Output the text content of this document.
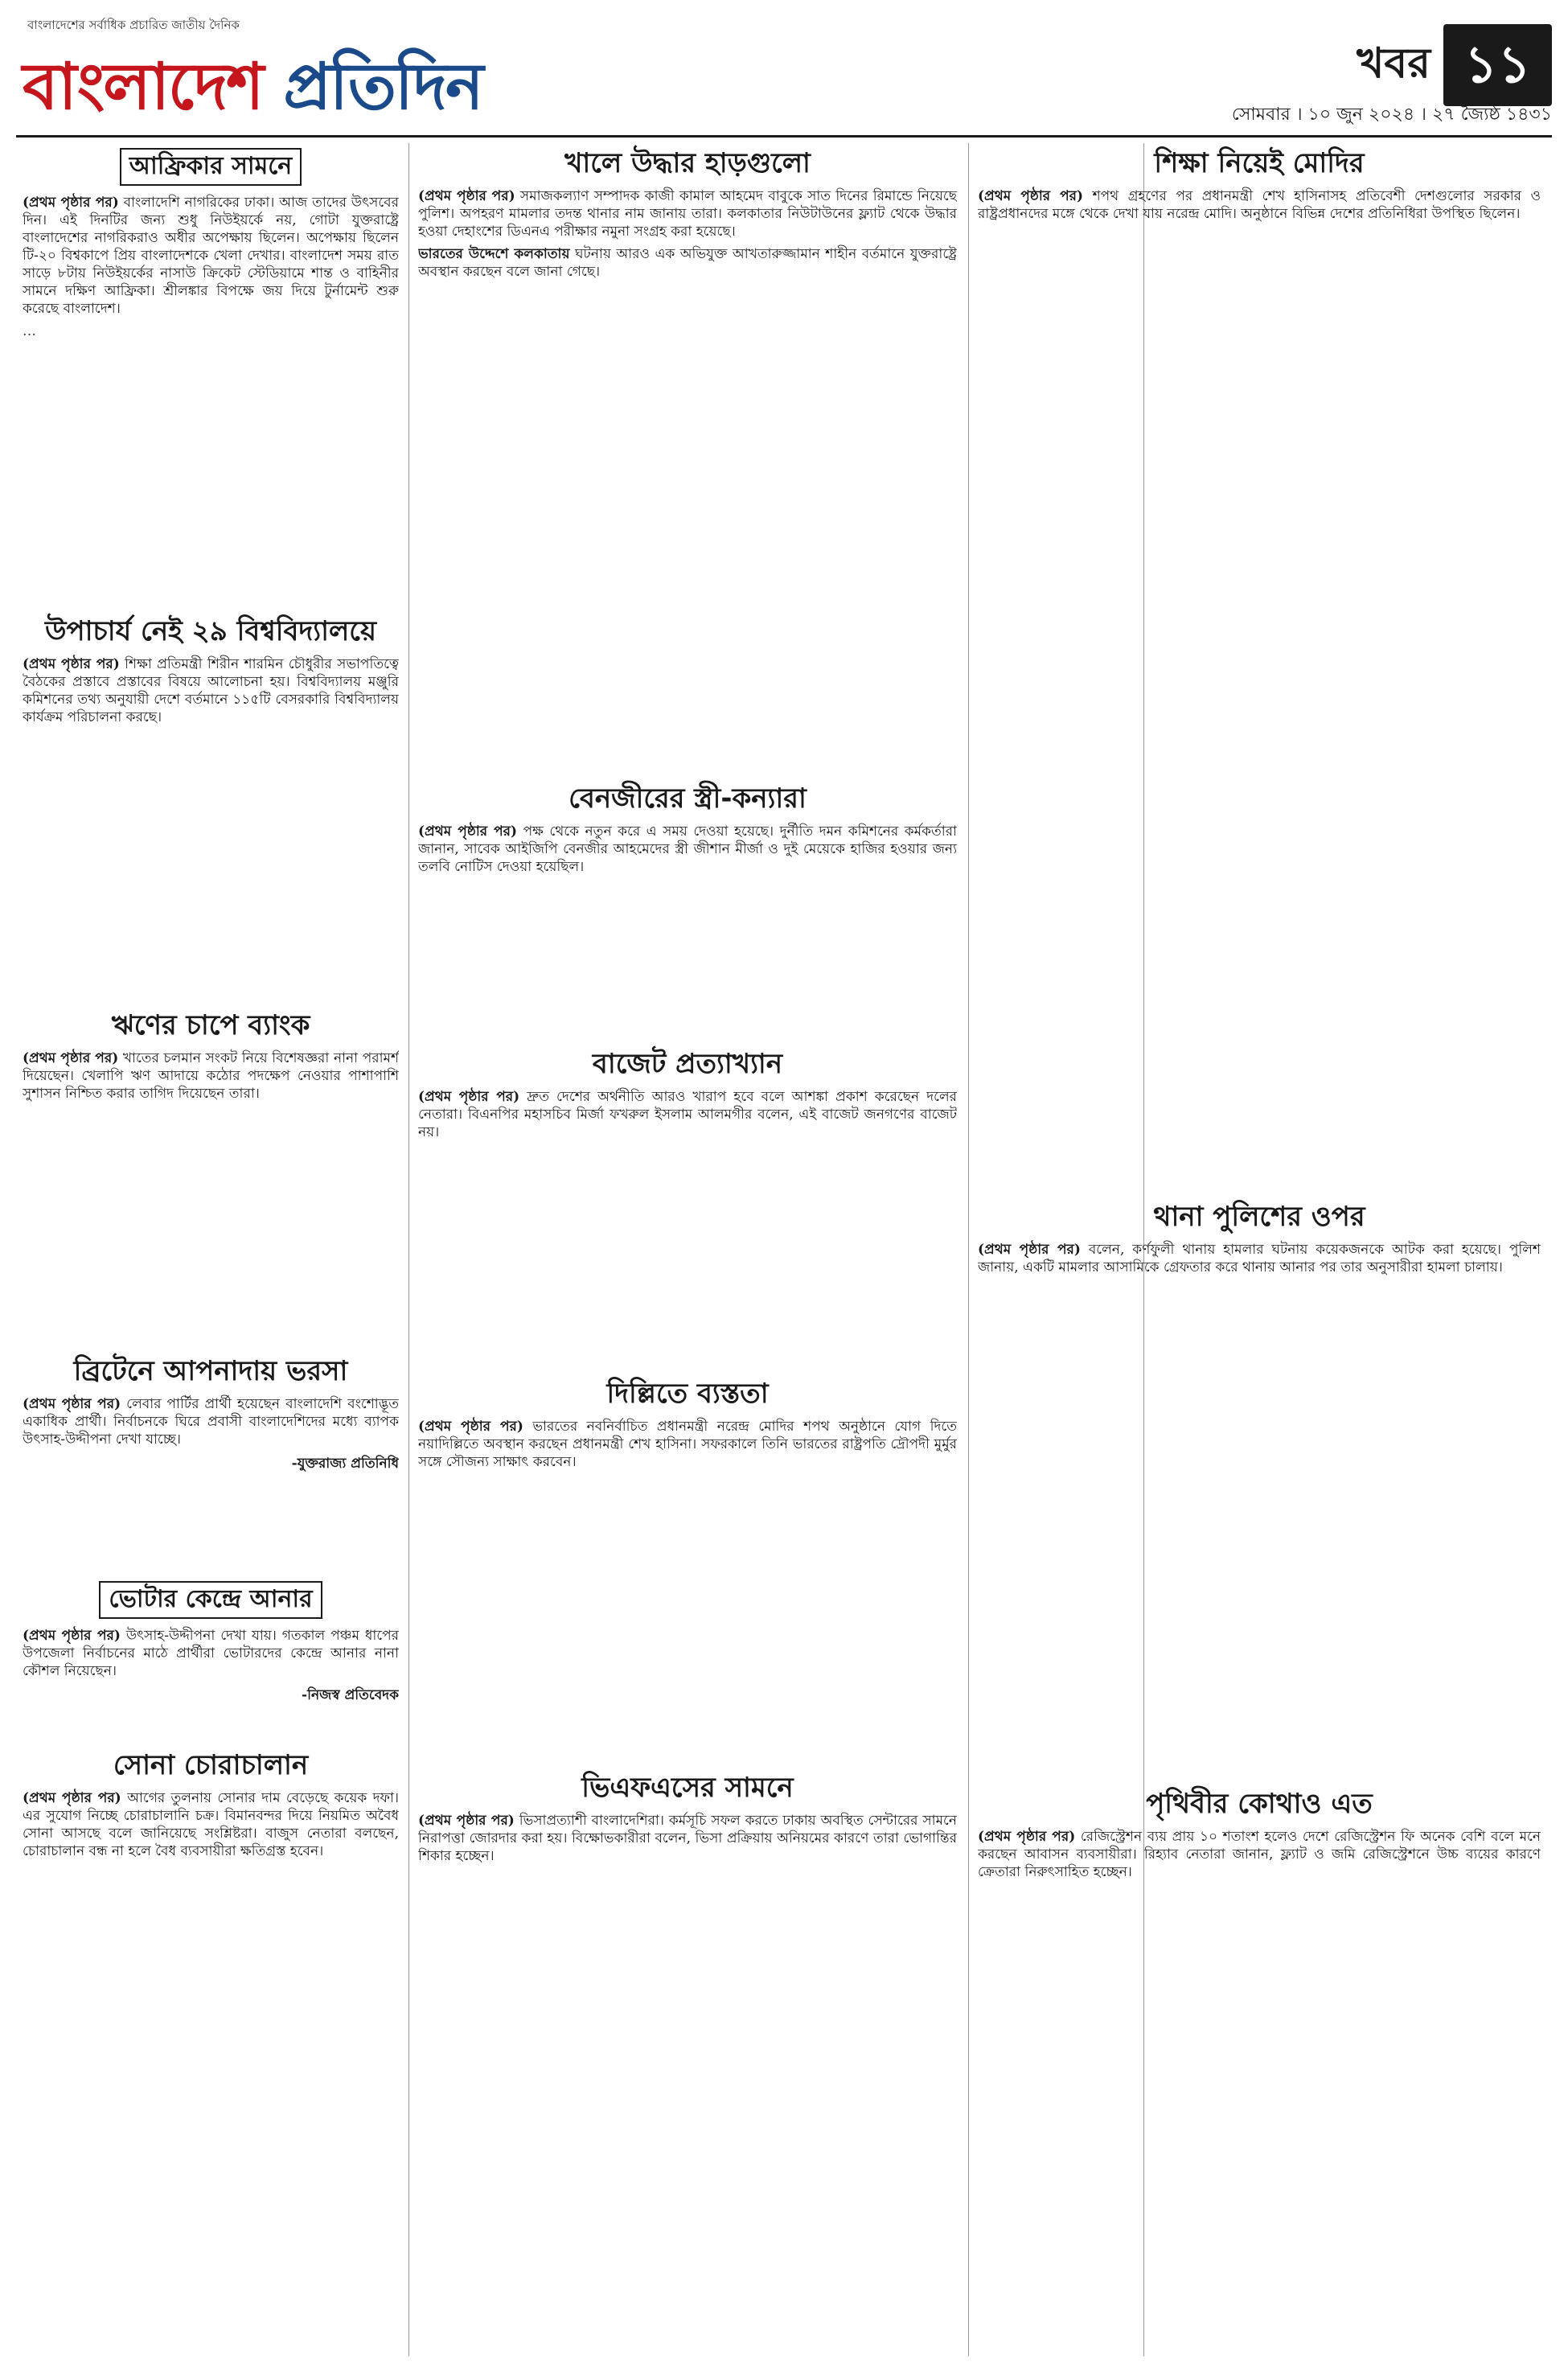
বাংলাদেশের সর্বাধিক প্রচারিত জাতীয় দৈনিক
বাংলাদেশ প্রতিদিন	খবর ১১
সোমবার । ১০ জুন ২০২৪ । ২৭ জ্যৈষ্ঠ ১৪৩১
আফ্রিকার সামনে

(প্রথম পৃষ্ঠার পর) বাংলাদেশি নাগরিকের ঢাকা। আজ তাদের উৎসবের দিন। এই দিনটির জন্য শুধু নিউইয়র্কে নয়, গোটা যুক্তরাষ্ট্রে বাংলাদেশের নাগরিকরাও অধীর অপেক্ষায় ছিলেন। অপেক্ষায় ছিলেন টি-২০ বিশ্বকাপে প্রিয় বাংলাদেশকে খেলা দেখার। বাংলাদেশ সময় রাত সাড়ে ৮টায় নিউইয়র্কের নাসাউ ক্রিকেট স্টেডিয়ামে শান্ত ও বাহিনীর সামনে দক্ষিণ আফ্রিকা। শ্রীলঙ্কার বিপক্ষে জয় দিয়ে টুর্নামেন্ট শুরু করেছে বাংলাদেশ।

…

উপাচার্য নেই ২৯ বিশ্ববিদ্যালয়ে

(প্রথম পৃষ্ঠার পর) শিক্ষা প্রতিমন্ত্রী শিরীন শারমিন চৌধুরীর সভাপতিত্বে বৈঠকের প্রস্তাবে প্রস্তাবের বিষয়ে আলোচনা হয়। বিশ্ববিদ্যালয় মঞ্জুরি কমিশনের তথ্য অনুযায়ী দেশে বর্তমানে ১১৫টি বেসরকারি বিশ্ববিদ্যালয় কার্যক্রম পরিচালনা করছে।

ঋণের চাপে ব্যাংক

(প্রথম পৃষ্ঠার পর) খাতের চলমান সংকট নিয়ে বিশেষজ্ঞরা নানা পরামর্শ দিয়েছেন। খেলাপি ঋণ আদায়ে কঠোর পদক্ষেপ নেওয়ার পাশাপাশি সুশাসন নিশ্চিত করার তাগিদ দিয়েছেন তারা।

ব্রিটেনে আপনাদায় ভরসা

(প্রথম পৃষ্ঠার পর) লেবার পার্টির প্রার্থী হয়েছেন বাংলাদেশি বংশোদ্ভূত একাধিক প্রার্থী। নির্বাচনকে ঘিরে প্রবাসী বাংলাদেশিদের মধ্যে ব্যাপক উৎসাহ-উদ্দীপনা দেখা যাচ্ছে।

-যুক্তরাজ্য প্রতিনিধি
ভোটার কেন্দ্রে আনার

(প্রথম পৃষ্ঠার পর) উৎসাহ-উদ্দীপনা দেখা যায়। গতকাল পঞ্চম ধাপের উপজেলা নির্বাচনের মাঠে প্রার্থীরা ভোটারদের কেন্দ্রে আনার নানা কৌশল নিয়েছেন।

-নিজস্ব প্রতিবেদক
সোনা চোরাচালান

(প্রথম পৃষ্ঠার পর) আগের তুলনায় সোনার দাম বেড়েছে কয়েক দফা। এর সুযোগ নিচ্ছে চোরাচালানি চক্র। বিমানবন্দর দিয়ে নিয়মিত অবৈধ সোনা আসছে বলে জানিয়েছে সংশ্লিষ্টরা। বাজুস নেতারা বলছেন, চোরাচালান বন্ধ না হলে বৈধ ব্যবসায়ীরা ক্ষতিগ্রস্ত হবেন।

খালে উদ্ধার হাড়গুলো

(প্রথম পৃষ্ঠার পর) সমাজকল্যাণ সম্পাদক কাজী কামাল আহমেদ বাবুকে সাত দিনের রিমান্ডে নিয়েছে পুলিশ। অপহরণ মামলার তদন্ত থানার নাম জানায় তারা। কলকাতার নিউটাউনের ফ্ল্যাট থেকে উদ্ধার হওয়া দেহাংশের ডিএনএ পরীক্ষার নমুনা সংগ্রহ করা হয়েছে।

ভারতের উদ্দেশে কলকাতায় ঘটনায় আরও এক অভিযুক্ত আখতারুজ্জামান শাহীন বর্তমানে যুক্তরাষ্ট্রে অবস্থান করছেন বলে জানা গেছে।

বেনজীরের স্ত্রী-কন্যারা

(প্রথম পৃষ্ঠার পর) পক্ষ থেকে নতুন করে এ সময় দেওয়া হয়েছে। দুর্নীতি দমন কমিশনের কর্মকর্তারা জানান, সাবেক আইজিপি বেনজীর আহমেদের স্ত্রী জীশান মীর্জা ও দুই মেয়েকে হাজির হওয়ার জন্য তলবি নোটিস দেওয়া হয়েছিল।

বাজেট প্রত্যাখ্যান

(প্রথম পৃষ্ঠার পর) দ্রুত দেশের অর্থনীতি আরও খারাপ হবে বলে আশঙ্কা প্রকাশ করেছেন দলের নেতারা। বিএনপির মহাসচিব মির্জা ফখরুল ইসলাম আলমগীর বলেন, এই বাজেট জনগণের বাজেট নয়।

দিল্লিতে ব্যস্ততা

(প্রথম পৃষ্ঠার পর) ভারতের নবনির্বাচিত প্রধানমন্ত্রী নরেন্দ্র মোদির শপথ অনুষ্ঠানে যোগ দিতে নয়াদিল্লিতে অবস্থান করছেন প্রধানমন্ত্রী শেখ হাসিনা। সফরকালে তিনি ভারতের রাষ্ট্রপতি দ্রৌপদী মুর্মুর সঙ্গে সৌজন্য সাক্ষাৎ করবেন।

ভিএফএসের সামনে

(প্রথম পৃষ্ঠার পর) ভিসাপ্রত্যাশী বাংলাদেশিরা। কর্মসূচি সফল করতে ঢাকায় অবস্থিত সেন্টারের সামনে নিরাপত্তা জোরদার করা হয়। বিক্ষোভকারীরা বলেন, ভিসা প্রক্রিয়ায় অনিয়মের কারণে তারা ভোগান্তির শিকার হচ্ছেন।

শিক্ষা নিয়েই মোদির

(প্রথম পৃষ্ঠার পর) শপথ গ্রহণের পর প্রধানমন্ত্রী শেখ হাসিনাসহ প্রতিবেশী দেশগুলোর সরকার ও রাষ্ট্রপ্রধানদের মঙ্গে থেকে দেখা যায় নরেন্দ্র মোদি। অনুষ্ঠানে বিভিন্ন দেশের প্রতিনিধিরা উপস্থিত ছিলেন।

থানা পুলিশের ওপর

(প্রথম পৃষ্ঠার পর) বলেন, কর্ণফুলী থানায় হামলার ঘটনায় কয়েকজনকে আটক করা হয়েছে। পুলিশ জানায়, একটি মামলার আসামিকে গ্রেফতার করে থানায় আনার পর তার অনুসারীরা হামলা চালায়।

পৃথিবীর কোথাও এত

(প্রথম পৃষ্ঠার পর) রেজিস্ট্রেশন ব্যয় প্রায় ১০ শতাংশ হলেও দেশে রেজিস্ট্রেশন ফি অনেক বেশি বলে মনে করছেন আবাসন ব্যবসায়ীরা। রিহ্যাব নেতারা জানান, ফ্ল্যাট ও জমি রেজিস্ট্রেশনে উচ্চ ব্যয়ের কারণে ক্রেতারা নিরুৎসাহিত হচ্ছেন।
